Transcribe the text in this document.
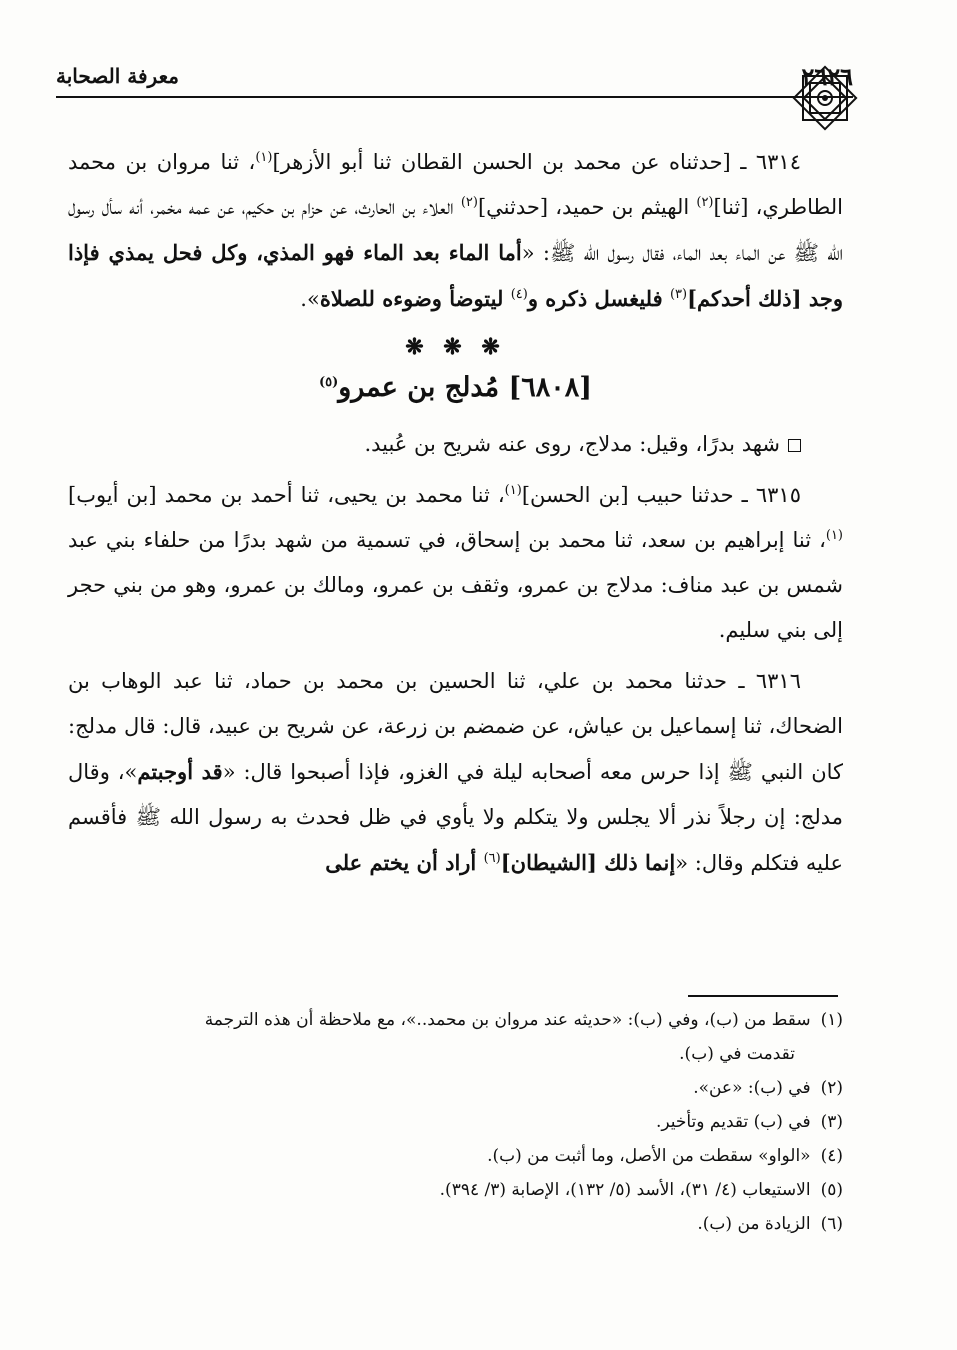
معرفة الصحابة	٢٦٢٦

٦٣١٤ ـ [حدثناه عن محمد بن الحسن القطان ثنا أبو الأزهر]$^{(١)}$، ثنا مروان بن محمد الطاطري، [ثنا]$^{(٢)}$ الهيثم بن حميد، [حدثني]$^{(٢)}$ العلاء بن الحارث، عن حزام بن حكيم، عن عمه مخمر، أنه سأل رسول الله ﷺ عن الماء بعد الماء، فقال رسول الله ﷺ: «أما الماء بعد الماء فهو المذي، وكل فحل يمذي فإذا وجد [ذلك أحدكم]$^{(٣)}$ فليغسل ذكره و$^{(٤)}$ ليتوضأ وضوءه للصلاة».

❋ ❋ ❋
[٦٨٠٨] مُدلج بن عمرو$^{(٥)}$

شهد بدرًا، وقيل: مدلاج، روى عنه شريح بن عُبيد.

٦٣١٥ ـ حدثنا حبيب [بن الحسن]$^{(١)}$، ثنا محمد بن يحيى، ثنا أحمد بن محمد [بن أيوب]$^{(١)}$، ثنا إبراهيم بن سعد، ثنا محمد بن إسحاق، في تسمية من شهد بدرًا من حلفاء بني عبد شمس بن عبد مناف: مدلاج بن عمرو، وثقف بن عمرو، ومالك بن عمرو، وهو من بني حجر إلى بني سليم.

٦٣١٦ ـ حدثنا محمد بن علي، ثنا الحسين بن محمد بن حماد، ثنا عبد الوهاب بن الضحاك، ثنا إسماعيل بن عياش، عن ضمضم بن زرعة، عن شريح بن عبيد، قال: قال مدلج: كان النبي ﷺ إذا حرس معه أصحابه ليلة في الغزو، فإذا أصبحوا قال: «قد أوجبتم»، وقال مدلج: إن رجلاً نذر ألا يجلس ولا يتكلم ولا يأوي في ظل فحدث به رسول الله ﷺ فأقسم عليه فتكلم وقال: «إنما ذلك [الشيطان]$^{(٦)}$ أراد أن يختم على

(١)سقط من (ب)، وفي (ب): «حديثه عند مروان بن محمد..»، مع ملاحظة أن هذه الترجمة

تقدمت في (ب).

(٢)في (ب): «عن».

(٣)في (ب) تقديم وتأخير.

(٤)«الواو» سقطت من الأصل، وما أثبت من (ب).

(٥)الاستيعاب (٤/ ٣١)، الأسد (٥/ ١٣٢)، الإصابة (٣/ ٣٩٤).

(٦)الزيادة من (ب).
